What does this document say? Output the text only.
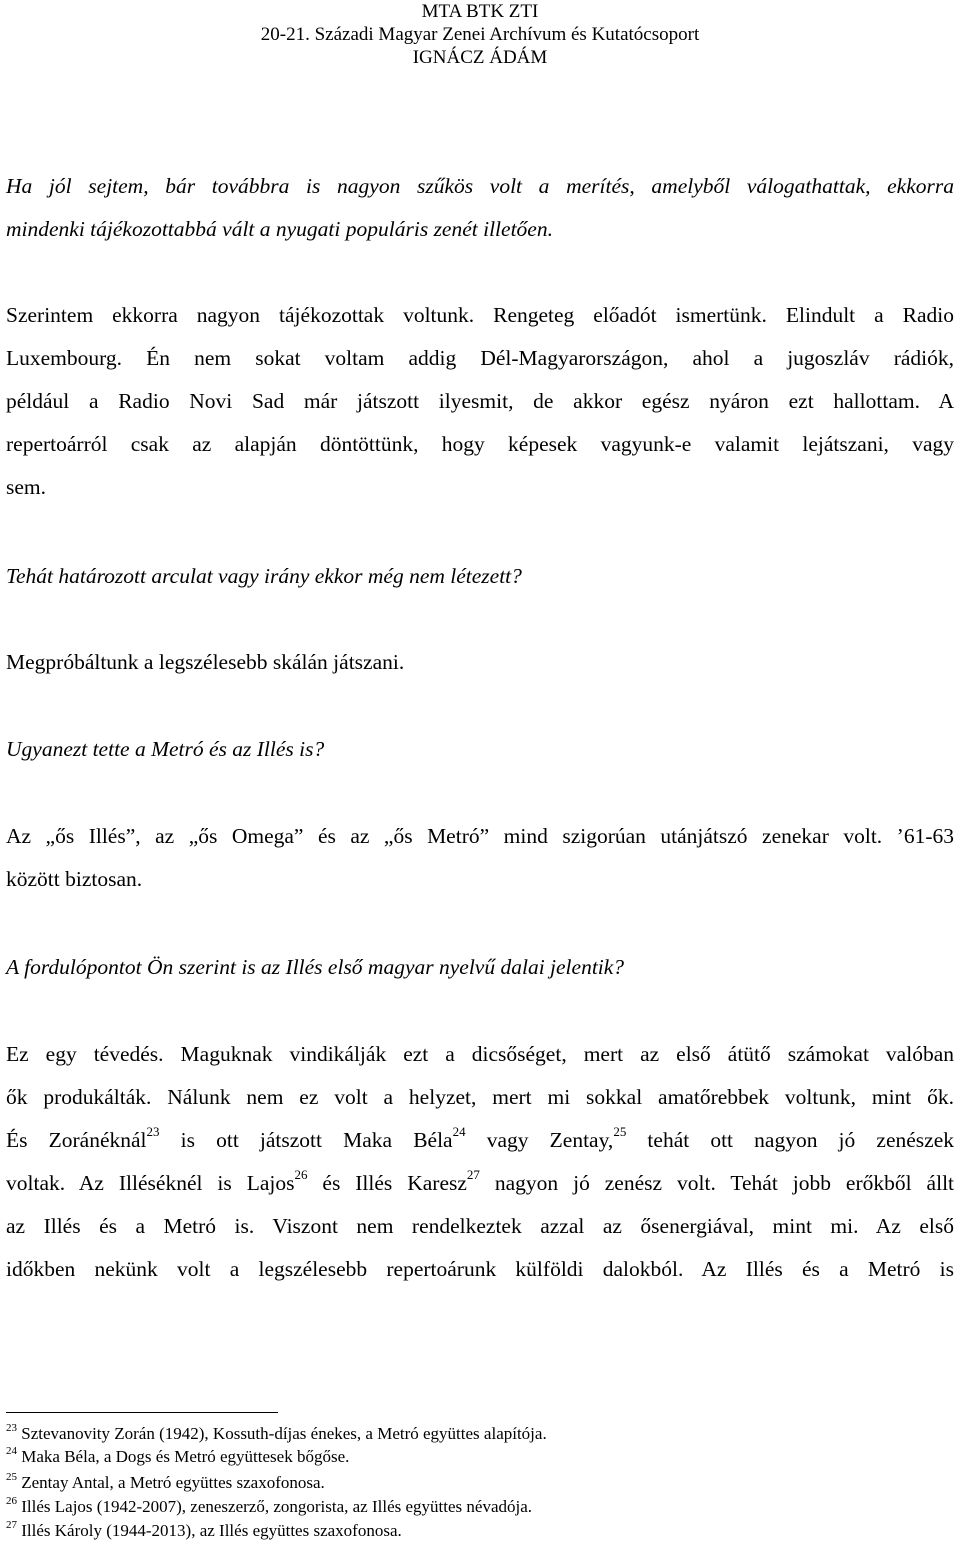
MTA BTK ZTI
20-21. Századi Magyar Zenei Archívum és Kutatócsoport
IGNÁCZ ÁDÁM
Ha jól sejtem, bár továbbra is nagyon szűkös volt a merítés, amelyből válogathattak, ekkorra
mindenki tájékozottabbá vált a nyugati populáris zenét illetően.
Szerintem ekkorra nagyon tájékozottak voltunk. Rengeteg előadót ismertünk. Elindult a Radio
Luxembourg. Én nem sokat voltam addig Dél-Magyarországon, ahol a jugoszláv rádiók,
például a Radio Novi Sad már játszott ilyesmit, de akkor egész nyáron ezt hallottam. A
repertoárról csak az alapján döntöttünk, hogy képesek vagyunk-e valamit lejátszani, vagy
sem.
Tehát határozott arculat vagy irány ekkor még nem létezett?
Megpróbáltunk a legszélesebb skálán játszani.
Ugyanezt tette a Metró és az Illés is?
Az „ős Illés”, az „ős Omega” és az „ős Metró” mind szigorúan utánjátszó zenekar volt. ’61-63
között biztosan.
A fordulópontot Ön szerint is az Illés első magyar nyelvű dalai jelentik?
Ez egy tévedés. Maguknak vindikálják ezt a dicsőséget, mert az első átütő számokat valóban
ők produkálták. Nálunk nem ez volt a helyzet, mert mi sokkal amatőrebbek voltunk, mint ők.
És Zoránéknál$^{23}$ is ott játszott Maka Béla$^{24}$ vagy Zentay,$^{25}$ tehát ott nagyon jó zenészek
voltak. Az Illéséknél is Lajos$^{26}$ és Illés Karesz$^{27}$ nagyon jó zenész volt. Tehát jobb erőkből állt
az Illés és a Metró is. Viszont nem rendelkeztek azzal az ősenergiával, mint mi. Az első
időkben nekünk volt a legszélesebb repertoárunk külföldi dalokból. Az Illés és a Metró is
$^{23}$ Sztevanovity Zorán (1942), Kossuth-díjas énekes, a Metró együttes alapítója.
$^{24}$ Maka Béla, a Dogs és Metró együttesek bőgőse.
$^{25}$ Zentay Antal, a Metró együttes szaxofonosa.
$^{26}$ Illés Lajos (1942-2007), zeneszerző, zongorista, az Illés együttes névadója.
$^{27}$ Illés Károly (1944-2013), az Illés együttes szaxofonosa.
